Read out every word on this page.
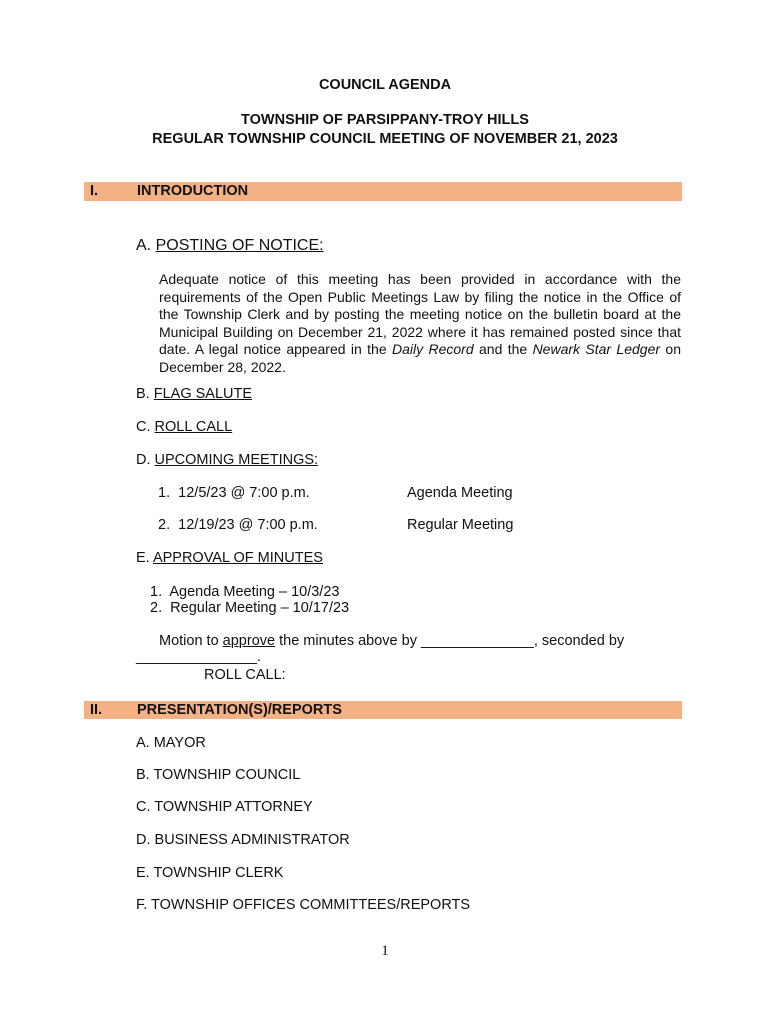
COUNCIL AGENDA
TOWNSHIP OF PARSIPPANY-TROY HILLS
REGULAR TOWNSHIP COUNCIL MEETING OF NOVEMBER 21, 2023
I.	INTRODUCTION
A. POSTING OF NOTICE:
Adequate notice of this meeting has been provided in accordance with the requirements of the Open Public Meetings Law by filing the notice in the Office of the Township Clerk and by posting the meeting notice on the bulletin board at the Municipal Building on December 21, 2022 where it has remained posted since that date. A legal notice appeared in the Daily Record and the Newark Star Ledger on December 28, 2022.
B. FLAG SALUTE
C. ROLL CALL
D. UPCOMING MEETINGS:
1. 12/5/23 @ 7:00 p.m.	Agenda Meeting
2. 12/19/23 @ 7:00 p.m.	Regular Meeting
E. APPROVAL OF MINUTES
1. Agenda Meeting – 10/3/23
2. Regular Meeting – 10/17/23
Motion to approve the minutes above by ______________, seconded by
_______________.
ROLL CALL:
II. PRESENTATION(S)/REPORTS
A. MAYOR
B. TOWNSHIP COUNCIL
C. TOWNSHIP ATTORNEY
D. BUSINESS ADMINISTRATOR
E. TOWNSHIP CLERK
F. TOWNSHIP OFFICES COMMITTEES/REPORTS
1
